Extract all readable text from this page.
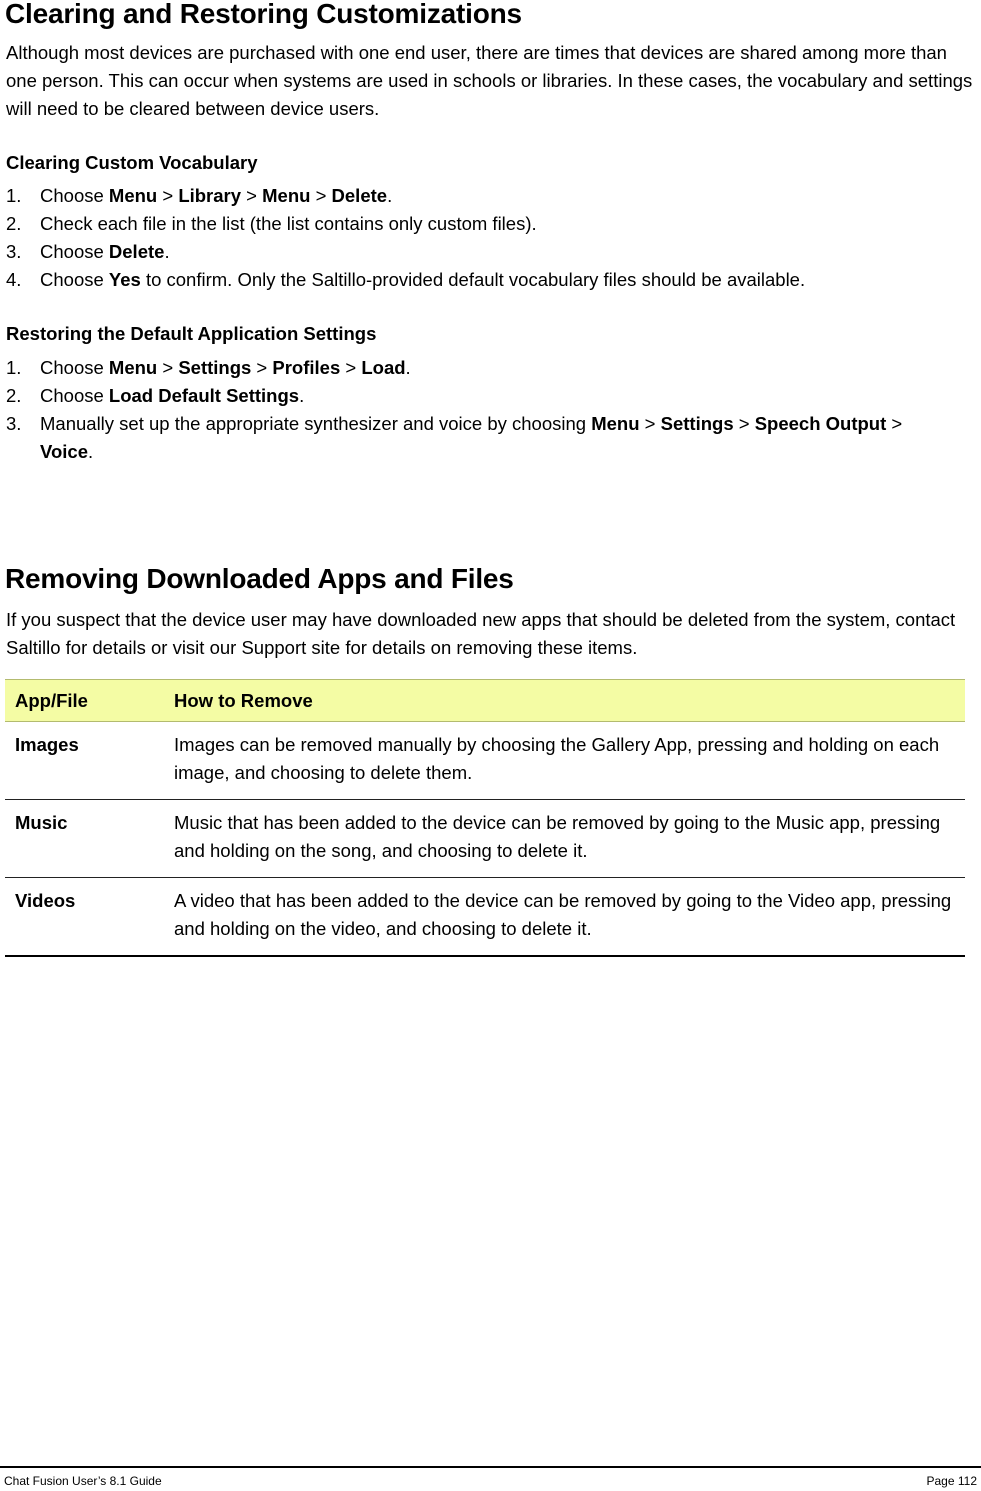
Clearing and Restoring Customizations

Although most devices are purchased with one end user, there are times that devices are shared among more than one person. This can occur when systems are used in schools or libraries. In these cases, the vocabulary and settings will need to be cleared between device users.

Clearing Custom Vocabulary
1.	Choose Menu > Library > Menu > Delete.
2.	Check each file in the list (the list contains only custom files).
3.	Choose Delete.
4.	Choose Yes to confirm. Only the Saltillo-provided default vocabulary files should be available.
Restoring the Default Application Settings
1.	Choose Menu > Settings > Profiles > Load.
2.	Choose Load Default Settings.
3.	Manually set up the appropriate synthesizer and voice by choosing Menu > Settings > Speech Output > Voice.
Removing Downloaded Apps and Files

If you suspect that the device user may have downloaded new apps that should be deleted from the system, contact Saltillo for details or visit our Support site for details on removing these items.

App/File	How to Remove
Images	Images can be removed manually by choosing the Gallery App, pressing and holding on each image, and choosing to delete them.
Music	Music that has been added to the device can be removed by going to the Music app, pressing and holding on the song, and choosing to delete it.
Videos	A video that has been added to the device can be removed by going to the Video app, pressing and holding on the video, and choosing to delete it.
Chat Fusion User’s 8.1 Guide	Page 112
